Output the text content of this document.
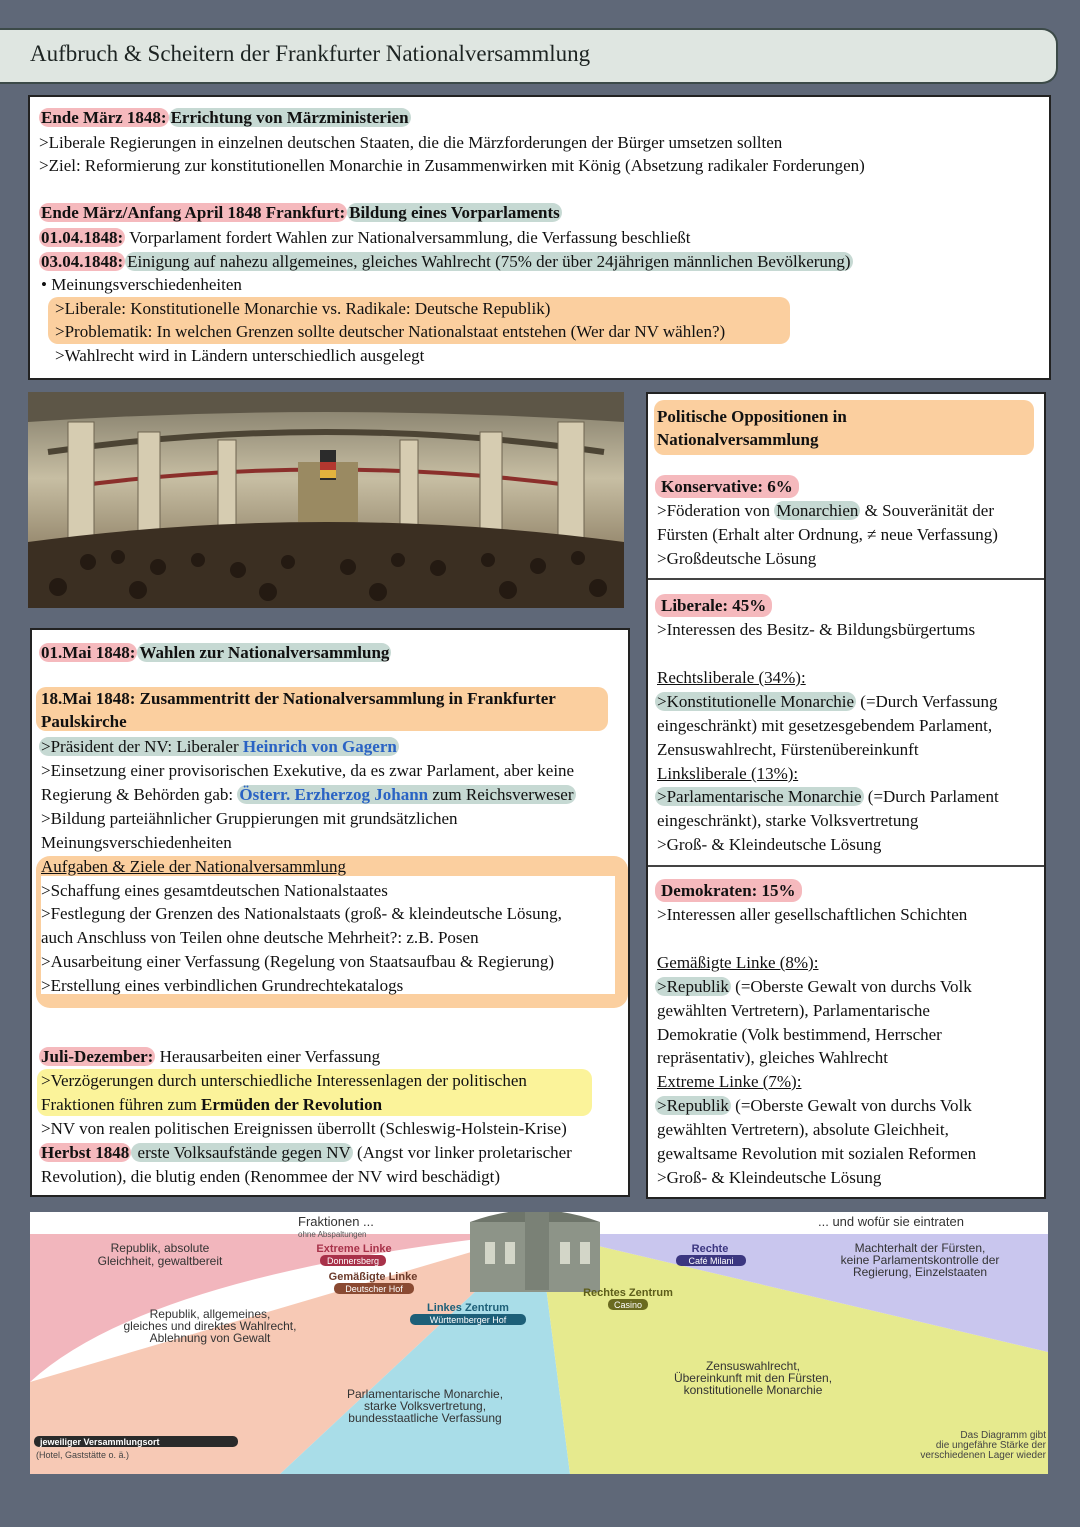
Aufbruch & Scheitern der Frankfurter Nationalversammlung
Ende März 1848: Errichtung von Märzministerien
>Liberale Regierungen in einzelnen deutschen Staaten, die die Märzforderungen der Bürger umsetzen sollten
>Ziel: Reformierung zur konstitutionellen Monarchie in Zusammenwirken mit König (Absetzung radikaler Forderungen)
Ende März/Anfang April 1848 Frankfurt: Bildung eines Vorparlaments
01.04.1848: Vorparlament fordert Wahlen zur Nationalversammlung, die Verfassung beschließt
03.04.1848: Einigung auf nahezu allgemeines, gleiches Wahlrecht (75% der über 24jährigen männlichen Bevölkerung)
• Meinungsverschiedenheiten
>Liberale: Konstitutionelle Monarchie vs. Radikale: Deutsche Republik)
>Problematik: In welchen Grenzen sollte deutscher Nationalstaat entstehen (Wer dar NV wählen?)
>Wahlrecht wird in Ländern unterschiedlich ausgelegt
01.Mai 1848: Wahlen zur Nationalversammlung
18.Mai 1848: Zusammentritt der Nationalversammlung in Frankfurter
Paulskirche
>Präsident der NV: Liberaler Heinrich von Gagern
>Einsetzung einer provisorischen Exekutive, da es zwar Parlament, aber keine
Regierung & Behörden gab: Österr. Erzherzog Johann zum Reichsverweser
>Bildung parteiähnlicher Gruppierungen mit grundsätzlichen
Meinungsverschiedenheiten
Aufgaben & Ziele der Nationalversammlung
>Schaffung eines gesamtdeutschen Nationalstaates
>Festlegung der Grenzen des Nationalstaats (groß- & kleindeutsche Lösung,
auch Anschluss von Teilen ohne deutsche Mehrheit?: z.B. Posen
>Ausarbeitung einer Verfassung (Regelung von Staatsaufbau & Regierung)
>Erstellung eines verbindlichen Grundrechtekatalogs
Juli-Dezember: Herausarbeiten einer Verfassung
>Verzögerungen durch unterschiedliche Interessenlagen der politischen
Fraktionen führen zum Ermüden der Revolution
>NV von realen politischen Ereignissen überrollt (Schleswig-Holstein-Krise)
Herbst 1848 erste Volksaufstände gegen NV (Angst vor linker proletarischer
Revolution), die blutig enden (Renommee der NV wird beschädigt)
Politische Oppositionen in
Nationalversammlung
Konservative: 6%
>Föderation von Monarchien & Souveränität der
Fürsten (Erhalt alter Ordnung, ≠ neue Verfassung)
>Großdeutsche Lösung
Liberale: 45%
>Interessen des Besitz- & Bildungsbürgertums
Rechtsliberale (34%):
>Konstitutionelle Monarchie (=Durch Verfassung
eingeschränkt) mit gesetzesgebendem Parlament,
Zensuswahlrecht, Fürstenübereinkunft
Linksliberale (13%):
>Parlamentarische Monarchie (=Durch Parlament
eingeschränkt), starke Volksvertretung
>Groß- & Kleindeutsche Lösung
Demokraten: 15%
>Interessen aller gesellschaftlichen Schichten
Gemäßigte Linke (8%):
>Republik (=Oberste Gewalt von durchs Volk
gewählten Vertretern), Parlamentarische
Demokratie (Volk bestimmend, Herrscher
repräsentativ), gleiches Wahlrecht
Extreme Linke (7%):
>Republik (=Oberste Gewalt von durchs Volk
gewählten Vertretern), absolute Gleichheit,
gewaltsame Revolution mit sozialen Reformen
>Groß- & Kleindeutsche Lösung
Fraktionen ...
ohne Abspaltungen
... und wofür sie eintraten
Republik, absolute Gleichheit, gewaltbereit
Republik, allgemeines, gleiches und direktes Wahlrecht, Ablehnung von Gewalt
Parlamentarische Monarchie, starke Volksvertretung, bundesstaatliche Verfassung
Zensuswahlrecht, Übereinkunft mit den Fürsten, konstitutionelle Monarchie
Machterhalt der Fürsten, keine Parlamentskontrolle der Regierung, Einzelstaaten
Extreme Linke
Donnersberg
Gemäßigte Linke
Deutscher Hof
Linkes Zentrum
Württemberger Hof
Rechtes Zentrum
Casino
Rechte
Café Milani
jeweiliger Versammlungsort
(Hotel, Gaststätte o. ä.)
Das Diagramm gibt die ungefähre Stärke der verschiedenen Lager wieder
